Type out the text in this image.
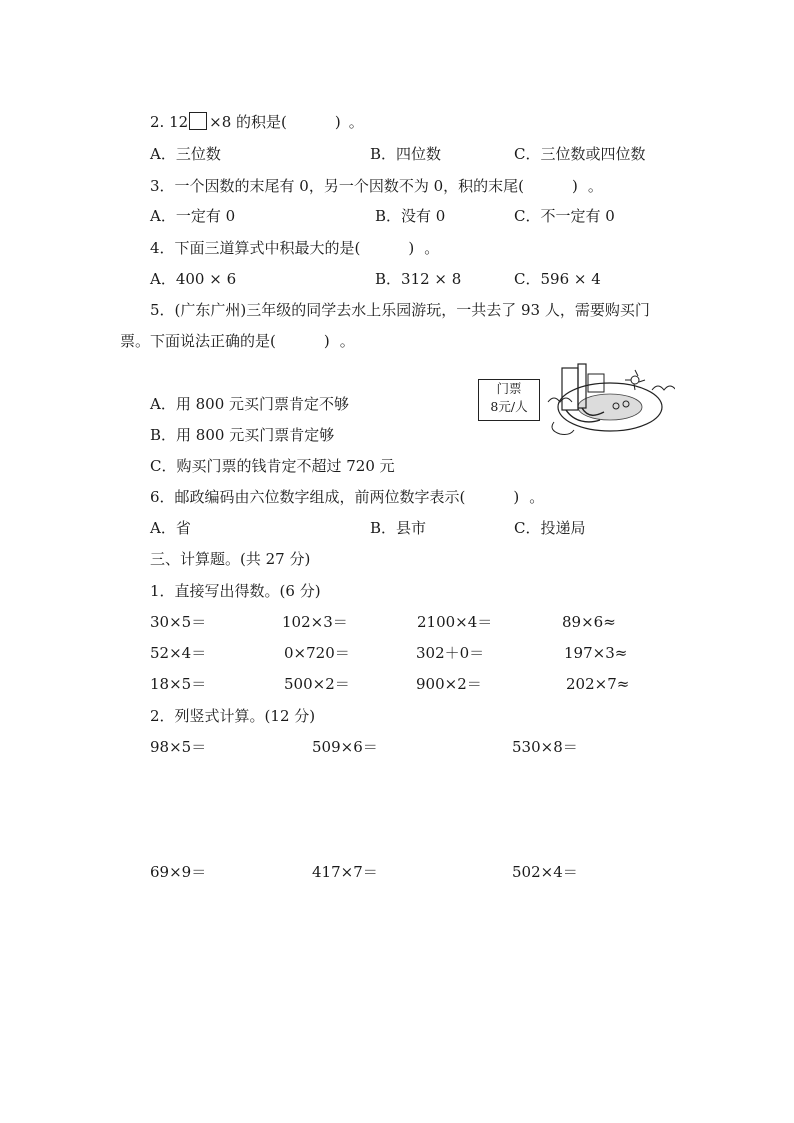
2. 12 ×8 的积是(	) 。
A．三位数	B．四位数	C．三位数或四位数
3．一个因数的末尾有 0，另一个因数不为 0，积的末尾(	) 。
A．一定有 0	B．没有 0	C．不一定有 0
4．下面三道算式中积最大的是(	) 。
A．400 × 6	B．312 × 8	C．596 × 4
5．(广东广州)三年级的同学去水上乐园游玩，一共去了 93 人，需要购买门
票。下面说法正确的是(	) 。
门票
8元/人
A．用 800 元买门票肯定不够
B．用 800 元买门票肯定够
C．购买门票的钱肯定不超过 720 元
6．邮政编码由六位数字组成，前两位数字表示(	) 。
A．省	B．县市	C．投递局
三、计算题。(共 27 分)
1．直接写出得数。(6 分)
30×5＝	102×3＝	2100×4＝	89×6≈
52×4＝	0×720＝	302＋0＝	197×3≈
18×5＝	500×2＝	900×2＝	202×7≈
2．列竖式计算。(12 分)
98×5＝	509×6＝	530×8＝
69×9＝	417×7＝	502×4＝
